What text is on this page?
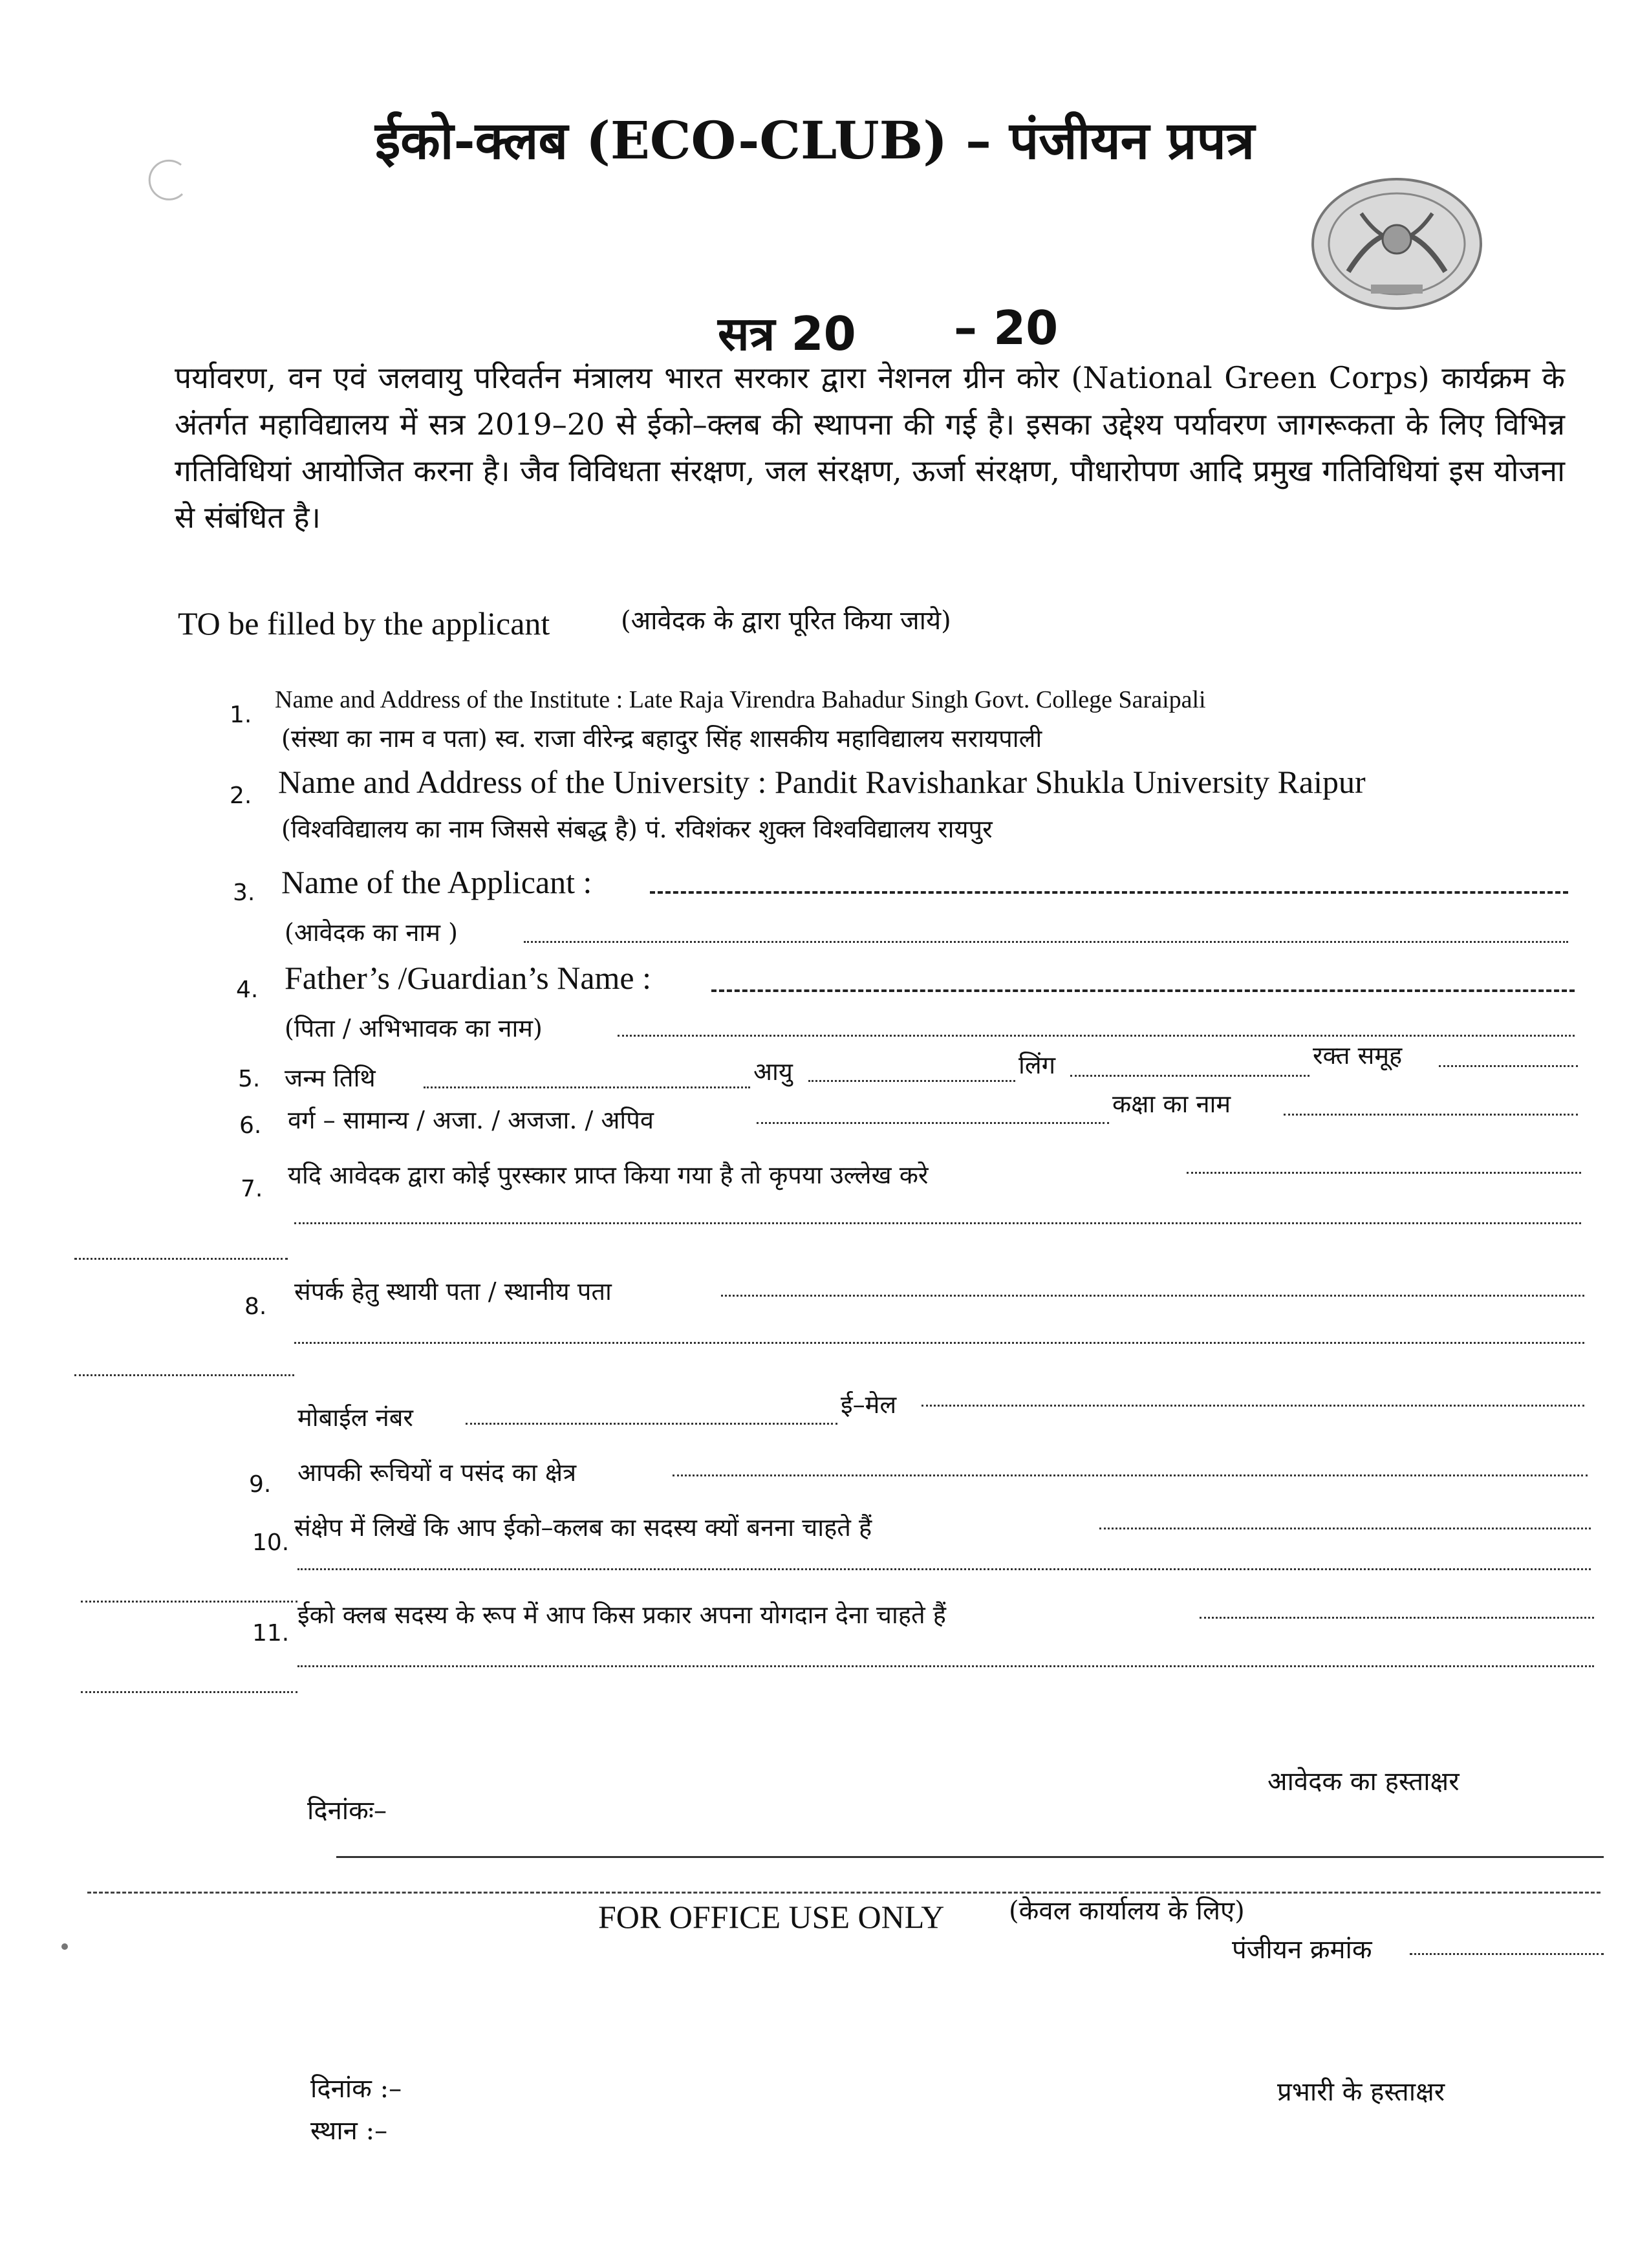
ईको-क्लब (ECO-CLUB) – पंजीयन प्रपत्र
सत्र 20 – 20
पर्यावरण, वन एवं जलवायु परिवर्तन मंत्रालय भारत सरकार द्वारा नेशनल ग्रीन कोर (National Green Corps) कार्यक्रम के अंतर्गत महाविद्यालय में सत्र 2019–20 से ईको–क्लब की स्थापना की गई है। इसका उद्देश्य पर्यावरण जागरूकता के लिए विभिन्न गतिविधियां आयोजित करना है। जैव विविधता संरक्षण, जल संरक्षण, ऊर्जा संरक्षण, पौधारोपण आदि प्रमुख गतिविधियां इस योजना से संबंधित है।
TO be filled by the applicant	(आवेदक के द्वारा पूरित किया जाये)
1.
Name and Address of the Institute : Late Raja Virendra Bahadur Singh Govt. College Saraipali
(संस्था का नाम व पता) स्व. राजा वीरेन्द्र बहादुर सिंह शासकीय महाविद्यालय सरायपाली
2. Name and Address of the University : Pandit Ravishankar Shukla University Raipur
(विश्वविद्यालय का नाम जिससे संबद्ध है) पं. रविशंकर शुक्ल विश्वविद्यालय रायपुर
3. Name of the Applicant :
(आवेदक का नाम )
4. Father’s /Guardian’s Name :
(पिता / अभिभावक का नाम)
5. जन्म तिथि	आयु	लिंग	रक्त समूह
6. वर्ग – सामान्य / अजा. / अजजा. / अपिव
कक्षा का नाम
7. यदि आवेदक द्वारा कोई पुरस्कार प्राप्त किया गया है तो कृपया उल्लेख करे
8.
संपर्क हेतु स्थायी पता / स्थानीय पता
मोबाईल नंबर	ई–मेल
9. आपकी रूचियों व पसंद का क्षेत्र
10.
संक्षेप में लिखें कि आप ईको–कलब का सदस्य क्यों बनना चाहते हैं
11.
ईको क्लब सदस्य के रूप में आप किस प्रकार अपना योगदान देना चाहते हैं
दिनांकः–
आवेदक का हस्ताक्षर
FOR OFFICE USE ONLY (केवल कार्यालय के लिए)
पंजीयन क्रमांक
दिनांक :–
स्थान :–
प्रभारी के हस्ताक्षर
